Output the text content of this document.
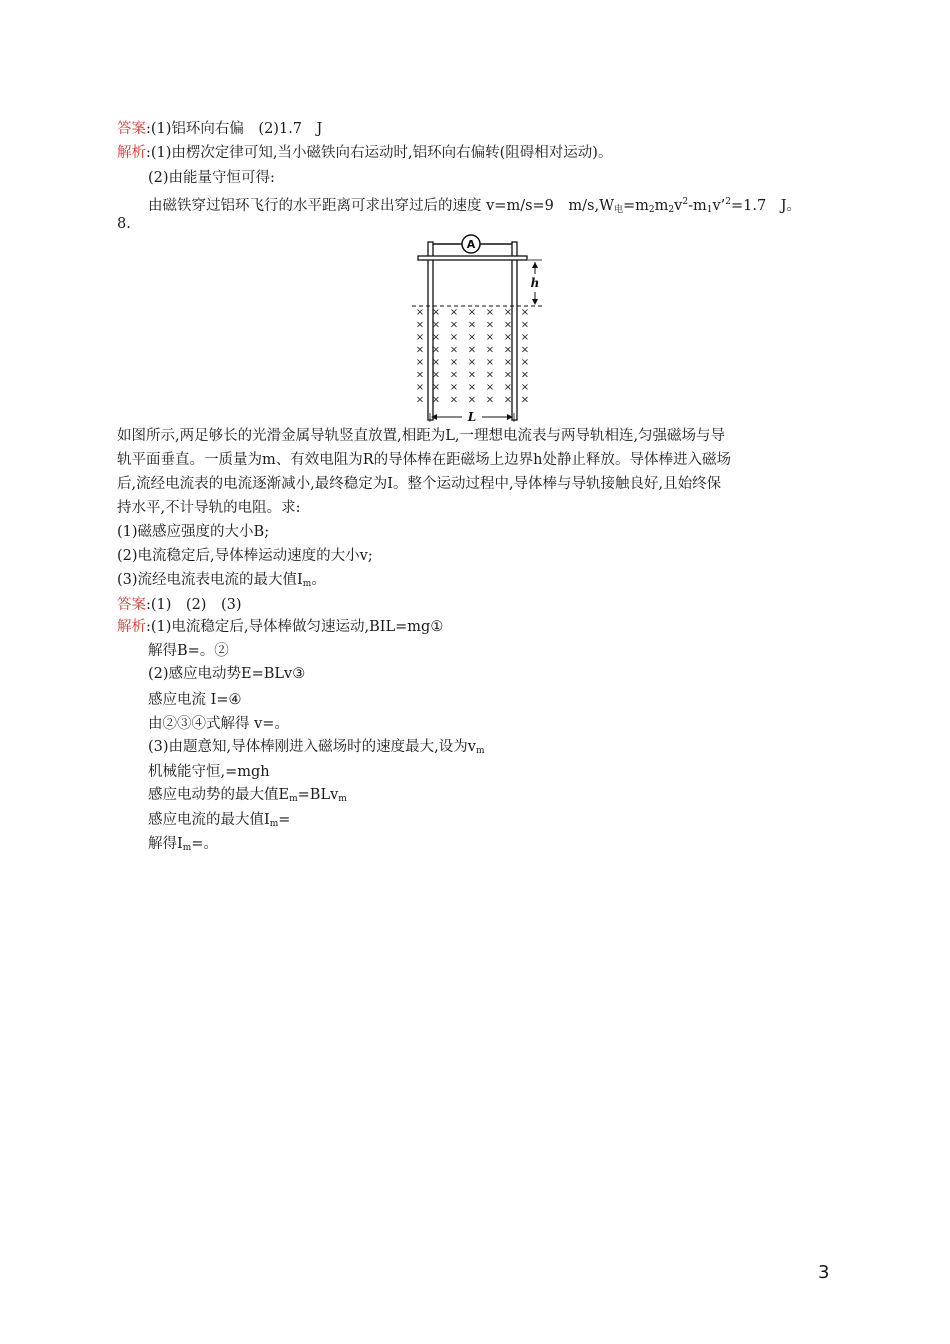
答案:(1)铝环向右偏　(2)1.7　J
解析:(1)由楞次定律可知,当小磁铁向右运动时,铝环向右偏转(阻碍相对运动)。
(2)由能量守恒可得:
由磁铁穿过铝环飞行的水平距离可求出穿过后的速度 v=m/s=9　$m/s,W_电=m_2m_2v^2-m_1v’^2=1.7$　J。
8.
A
h
× × × × × × ×
× × × × × × ×
× × × × × × ×
× × × × × × ×
× × × × × × ×
× × × × × × ×
× × × × × × ×
× × × × × × ×
L
如图所示,两足够长的光滑金属导轨竖直放置,相距为L,一理想电流表与两导轨相连,匀强磁场与导
轨平面垂直。一质量为m、有效电阻为R的导体棒在距磁场上边界h处静止释放。导体棒进入磁场
后,流经电流表的电流逐渐减小,最终稳定为I。整个运动过程中,导体棒与导轨接触良好,且始终保
持水平,不计导轨的电阻。求:
(1)磁感应强度的大小B;
(2)电流稳定后,导体棒运动速度的大小v;
(3)流经电流表电流的最大值$I_m$。
答案:(1)　(2)　(3)
解析:(1)电流稳定后,导体棒做匀速运动,BIL=mg①
解得B=。②
(2)感应电动势E=BLv③
感应电流 I=④
由②③④式解得 v=。
(3)由题意知,导体棒刚进入磁场时的速度最大,设为$v_m$
机械能守恒,=mgh
感应电动势的最大值$E_m=BLv_m$
感应电流的最大值$I_m=$
解得$I_m=$。
3
